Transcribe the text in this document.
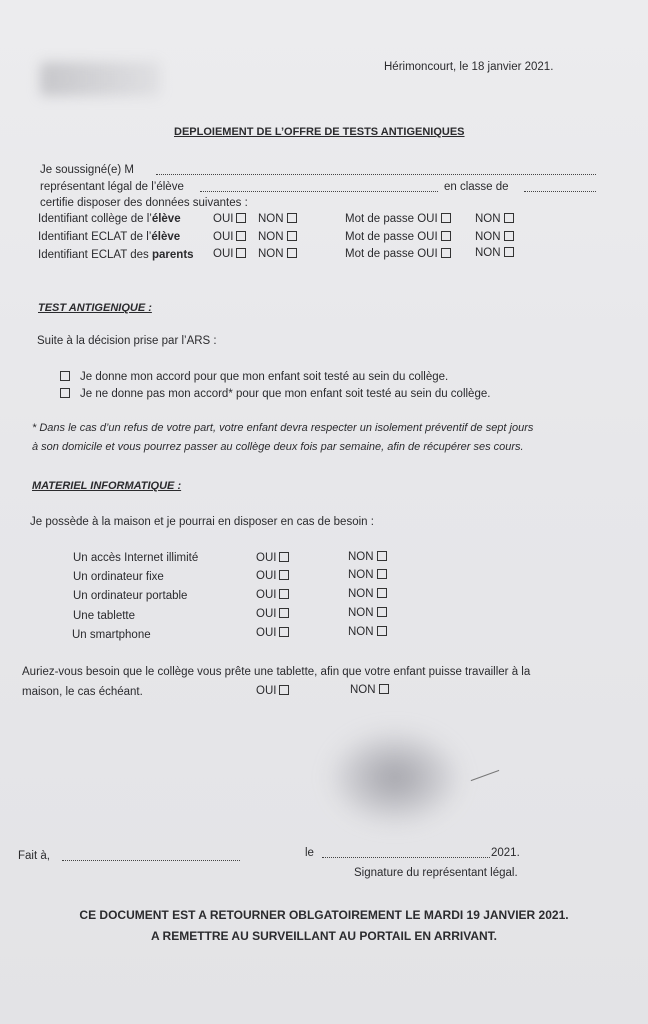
Hérimoncourt, le 18 janvier 2021.
DEPLOIEMENT DE L’OFFRE DE TESTS ANTIGENIQUES
Je soussigné(e) M
représentant légal de l’élève	en classe de
certifie disposer des données suivantes :
Identifiant collège de l’élève	OUI	NON	Mot de passe OUI	NON
Identifiant ECLAT de l’élève	OUI	NON	Mot de passe OUI	NON
Identifiant ECLAT des parents OUI	NON	Mot de passe OUI	NON
TEST ANTIGENIQUE :
Suite à la décision prise par l’ARS :
Je donne mon accord pour que mon enfant soit testé au sein du collège.
Je ne donne pas mon accord* pour que mon enfant soit testé au sein du collège.
* Dans le cas d’un refus de votre part, votre enfant devra respecter un isolement préventif de sept jours
à son domicile et vous pourrez passer au collège deux fois par semaine, afin de récupérer ses cours.
MATERIEL INFORMATIQUE :
Je possède à la maison et je pourrai en disposer en cas de besoin :
Un accès Internet illimité	OUI	NON
Un ordinateur fixe	OUI	NON
Un ordinateur portable	OUI	NON
Une tablette	OUI	NON
Un smartphone	OUI	NON
Auriez-vous besoin que le collège vous prête une tablette, afin que votre enfant puisse travailler à la
maison, le cas échéant.	OUI	NON
Fait à,	le	2021.
Signature du représentant légal.
CE DOCUMENT EST A RETOURNER OBLGATOIREMENT LE MARDI 19 JANVIER 2021.
A REMETTRE AU SURVEILLANT AU PORTAIL EN ARRIVANT.
